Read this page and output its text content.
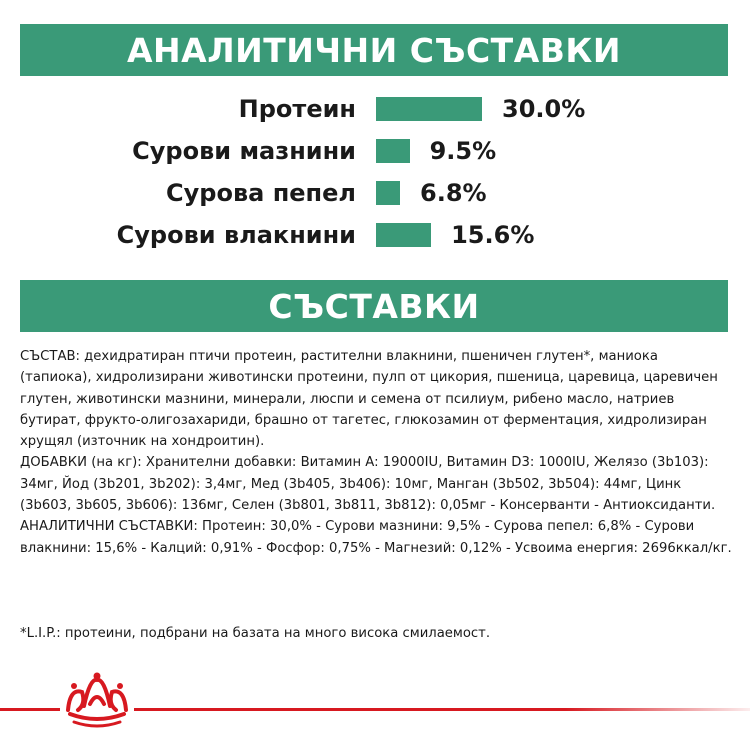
АНАЛИТИЧНИ СЪСТАВКИ
Протеин	30.0%
Сурови мазнини	9.5%
Сурова пепел	6.8%
Сурови влакнини	15.6%
СЪСТАВКИ

СЪСТАВ: дехидратиран птичи протеин, растителни влакнини, пшеничен глутен*, маниока (тапиока), хидролизирани животински протеини, пулп от цикория, пшеница, царевица, царевичен глутен, животински мазнини, минерали, люспи и семена от псилиум, рибено масло, натриев бутират, фрукто-олигозахариди, брашно от тагетес, глюкозамин от ферментация, хидролизиран хрущял (източник на хондроитин).

ДОБАВКИ (на кг): Хранителни добавки: Витамин A: 19000IU, Витамин D3: 1000IU, Желязо (3b103): 34мг, Йод (3b201, 3b202): 3,4мг, Мед (3b405, 3b406): 10мг, Манган (3b502, 3b504): 44мг, Цинк (3b603, 3b605, 3b606): 136мг, Селен (3b801, 3b811, 3b812): 0,05мг - Консерванти - Антиоксиданти.

АНАЛИТИЧНИ СЪСТАВКИ: Протеин: 30,0% - Сурови мазнини: 9,5% - Сурова пепел: 6,8% - Сурови влакнини: 15,6% - Калций: 0,91% - Фосфор: 0,75% - Магнезий: 0,12% - Усвоима енергия: 2696ккал/кг.

*L.I.P.: протеини, подбрани на базата на много висока смилаемост.
